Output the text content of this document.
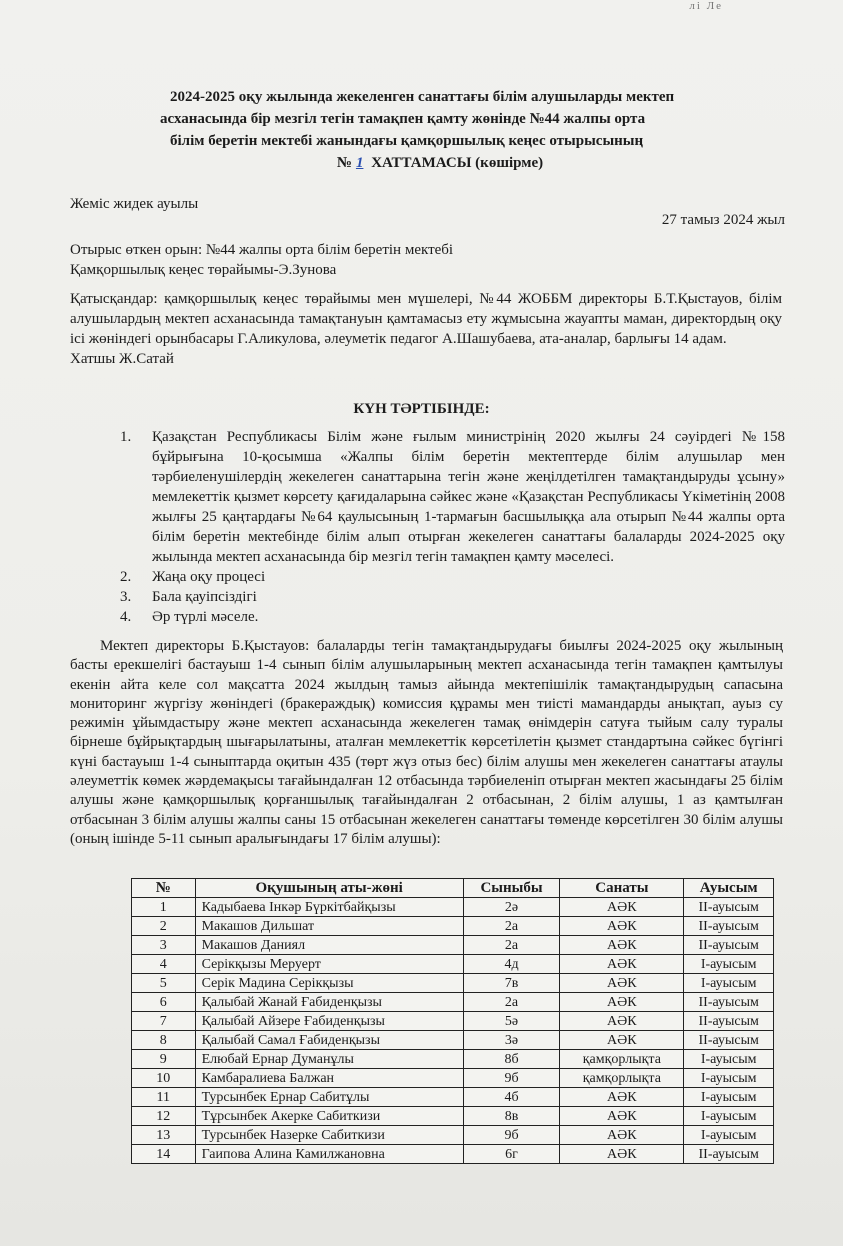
лі Ле
2024-2025 оқу жылында жекеленген санаттағы білім алушыларды мектеп
асханасында бір мезгіл тегін тамақпен қамту жөнінде №44 жалпы орта
білім беретін мектебі жанындағы қамқоршылық кеңес отырысының
№ 1 ХАТТАМАСЫ (көшірме)
Жеміс жидек ауылы
27 тамыз 2024 жыл
Отырыс өткен орын: №44 жалпы орта білім беретін мектебі
Қамқоршылық кеңес төрайымы-Э.Зунова
Қатысқандар: қамқоршылық кеңес төрайымы мен мүшелері, №44 ЖОББМ директоры Б.Т.Қыстауов, білім алушылардың мектеп асханасында тамақтануын қамтамасыз ету жұмысына жауапты маман, директордың оқу ісі жөніндегі орынбасары Г.Аликулова, әлеуметік педагог А.Шашубаева, ата-аналар, барлығы 14 адам.
Хатшы Ж.Сатай
КҮН ТӘРТІБІНДЕ:
1. Қазақстан Республикасы Білім және ғылым министрінің 2020 жылғы 24 сәуірдегі №158 бұйрығына 10-қосымша «Жалпы білім беретін мектептерде білім алушылар мен тәрбиеленушілердің жекелеген санаттарына тегін және жеңілдетілген тамақтандыруды ұсыну» мемлекеттік қызмет көрсету қағидаларына сәйкес және «Қазақстан Республикасы Үкіметінің 2008 жылғы 25 қаңтардағы №64 қаулысының 1-тармағын басшылыққа ала отырып №44 жалпы орта білім беретін мектебінде білім алып отырған жекелеген санаттағы балаларды 2024-2025 оқу жылында мектеп асханасында бір мезгіл тегін тамақпен қамту мәселесі.
2. Жаңа оқу процесі
3. Бала қауіпсіздігі
4. Әр түрлі мәселе.
Мектеп директоры Б.Қыстауов: балаларды тегін тамақтандырудағы биылғы 2024-2025 оқу жылының басты ерекшелігі бастауыш 1-4 сынып білім алушыларының мектеп асханасында тегін тамақпен қамтылуы екенін айта келе сол мақсатта 2024 жылдың тамыз айында мектепішілік тамақтандырудың сапасына мониторинг жүргізу жөніндегі (бракераждық) комиссия құрамы мен тиісті мамандарды анықтап, ауыз су режимін ұйымдастыру және мектеп асханасында жекелеген тамақ өнімдерін сатуға тыйым салу туралы бірнеше бұйрықтардың шығарылатыны, аталған мемлекеттік көрсетілетін қызмет стандартына сәйкес бүгінгі күні бастауыш 1-4 сыныптарда оқитын 435 (төрт жүз отыз бес) білім алушы мен жекелеген санаттағы атаулы әлеуметтік көмек жәрдемақысы тағайындалған 12 отбасында тәрбиеленіп отырған мектеп жасындағы 25 білім алушы және қамқоршылық қорғаншылық тағайындалған 2 отбасынан, 2 білім алушы, 1 аз қамтылған отбасынан 3 білім алушы жалпы саны 15 отбасынан жекелеген санаттағы төменде көрсетілген 30 білім алушы (оның ішінде 5-11 сынып аралығындағы 17 білім алушы):
№	Оқушының аты-жөні	Сыныбы	Санаты	Ауысым
1	Кадыбаева Інкәр Бүркітбайқызы	2ә	АӘК	II-ауысым
2	Макашов Дильшат	2а	АӘК	II-ауысым
3	Макашов Даниял	2а	АӘК	II-ауысым
4	Серікқызы Меруерт	4д	АӘК	I-ауысым
5	Серік Мадина Серікқызы	7в	АӘК	I-ауысым
6	Қалыбай Жанай Ғабиденқызы	2а	АӘК	II-ауысым
7	Қалыбай Айзере Ғабиденқызы	5ә	АӘК	II-ауысым
8	Қалыбай Самал Ғабиденқызы	3ә	АӘК	II-ауысым
9	Елюбай Ернар Думанұлы	8б	қамқорлықта	I-ауысым
10	Камбаралиева Балжан	9б	қамқорлықта	I-ауысым
11	Турсынбек Ернар Сабитұлы	4б	АӘК	I-ауысым
12	Тұрсынбек Акерке Сабиткизи	8в	АӘК	I-ауысым
13	Турсынбек Назерке Сабиткизи	9б	АӘК	I-ауысым
14	Гаипова Алина Камилжановна	6г	АӘК	II-ауысым
